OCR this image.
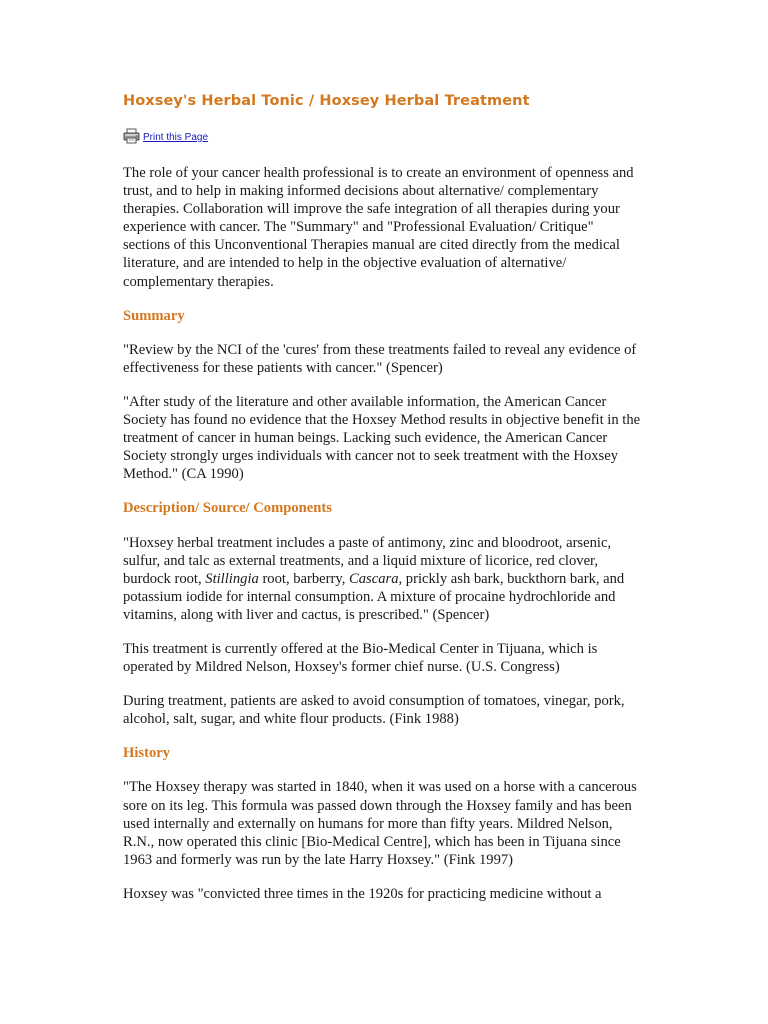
Hoxsey's Herbal Tonic / Hoxsey Herbal Treatment
Print this Page

The role of your cancer health professional is to create an environment of openness and trust, and to help in making informed decisions about alternative/ complementary therapies. Collaboration will improve the safe integration of all therapies during your experience with cancer. The "Summary" and "Professional Evaluation/ Critique" sections of this Unconventional Therapies manual are cited directly from the medical literature, and are intended to help in the objective evaluation of alternative/ complementary therapies.

Summary

"Review by the NCI of the 'cures' from these treatments failed to reveal any evidence of effectiveness for these patients with cancer." (Spencer)

"After study of the literature and other available information, the American Cancer Society has found no evidence that the Hoxsey Method results in objective benefit in the treatment of cancer in human beings. Lacking such evidence, the American Cancer Society strongly urges individuals with cancer not to seek treatment with the Hoxsey Method." (CA 1990)

Description/ Source/ Components

"Hoxsey herbal treatment includes a paste of antimony, zinc and bloodroot, arsenic, sulfur, and talc as external treatments, and a liquid mixture of licorice, red clover, burdock root, Stillingia root, barberry, Cascara, prickly ash bark, buckthorn bark, and potassium iodide for internal consumption. A mixture of procaine hydrochloride and vitamins, along with liver and cactus, is prescribed." (Spencer)

This treatment is currently offered at the Bio-Medical Center in Tijuana, which is operated by Mildred Nelson, Hoxsey's former chief nurse. (U.S. Congress)

During treatment, patients are asked to avoid consumption of tomatoes, vinegar, pork, alcohol, salt, sugar, and white flour products. (Fink 1988)

History

"The Hoxsey therapy was started in 1840, when it was used on a horse with a cancerous sore on its leg. This formula was passed down through the Hoxsey family and has been used internally and externally on humans for more than fifty years. Mildred Nelson, R.N., now operated this clinic [Bio-Medical Centre], which has been in Tijuana since 1963 and formerly was run by the late Harry Hoxsey." (Fink 1997)

Hoxsey was "convicted three times in the 1920s for practicing medicine without a
